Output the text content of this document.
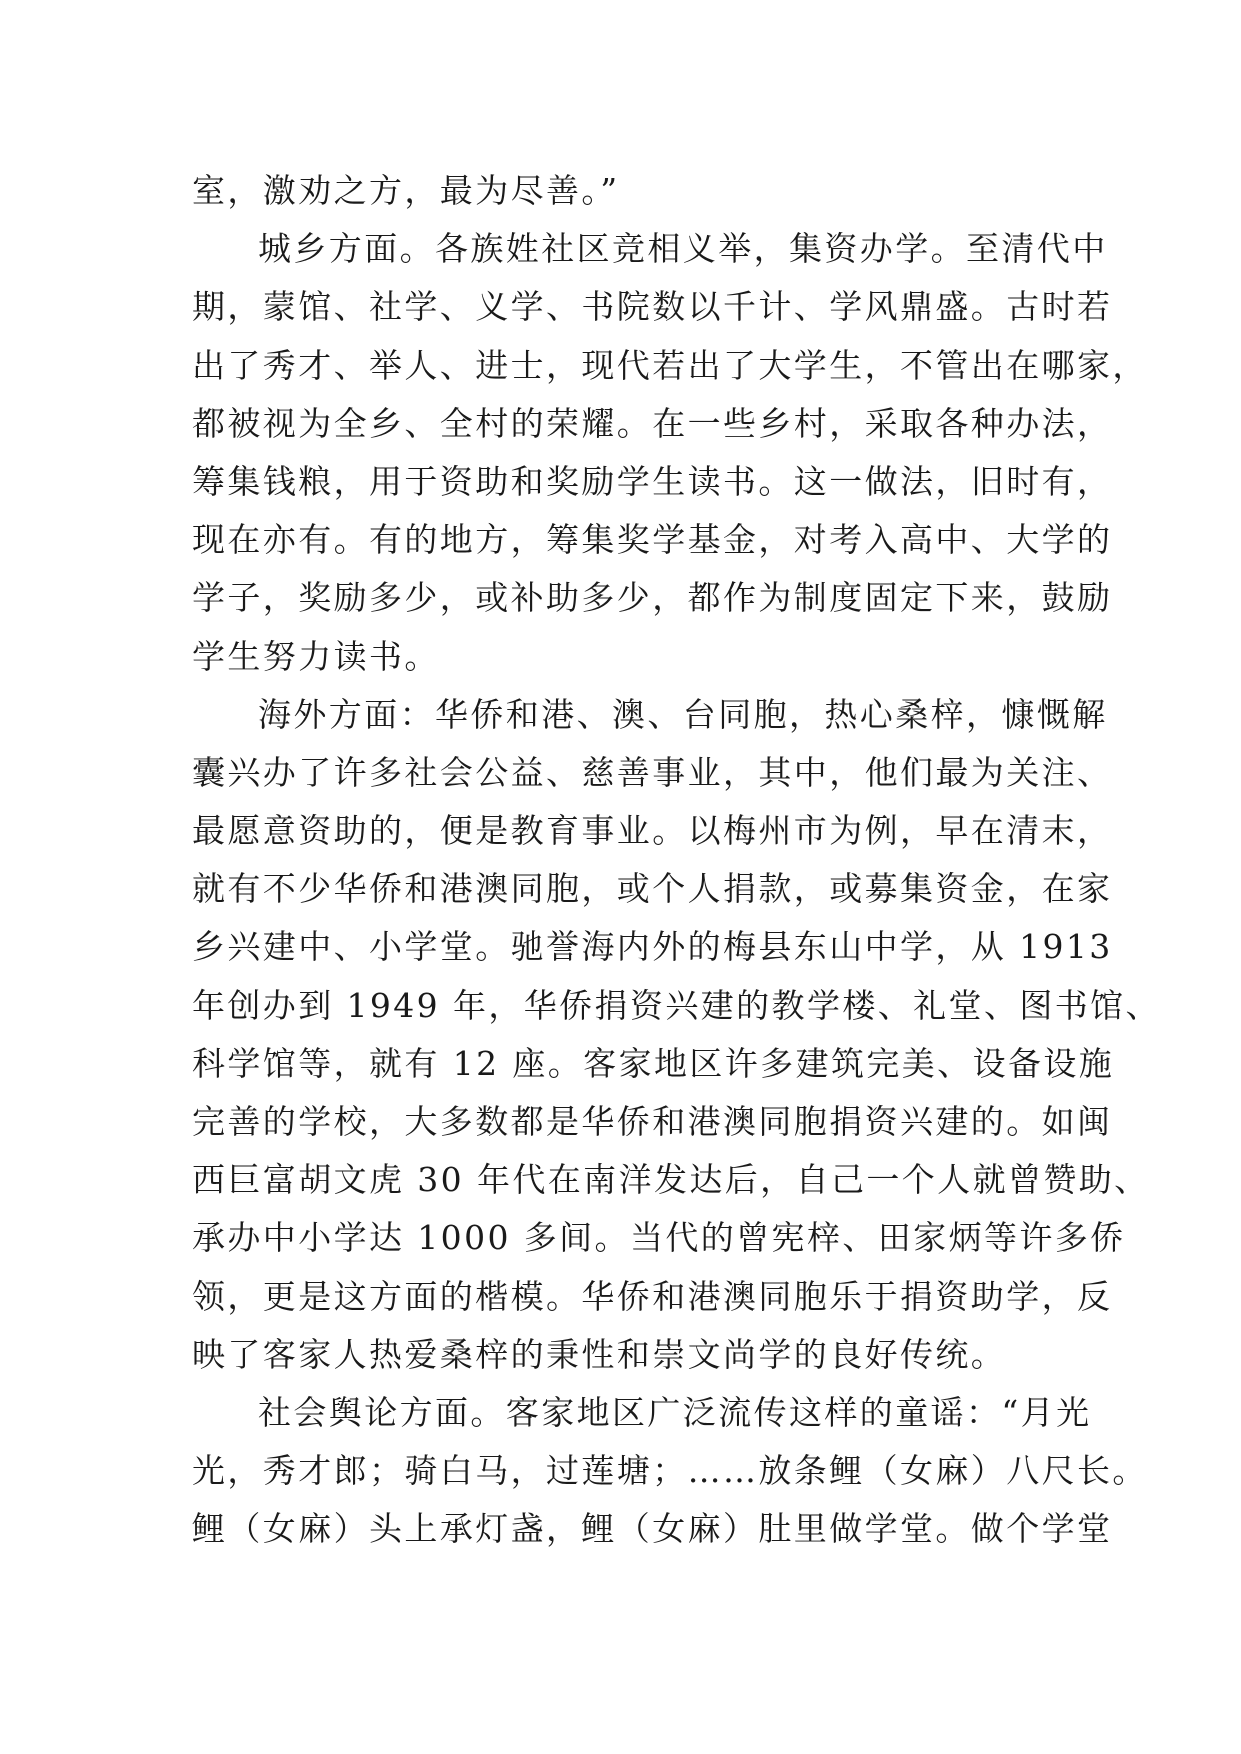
室，激劝之方，最为尽善。”
城乡方面。各族姓社区竞相义举，集资办学。至清代中
期，蒙馆、社学、义学、书院数以千计、学风鼎盛。古时若
出了秀才、举人、进士，现代若出了大学生，不管出在哪家，
都被视为全乡、全村的荣耀。在一些乡村，采取各种办法，
筹集钱粮，用于资助和奖励学生读书。这一做法，旧时有，
现在亦有。有的地方，筹集奖学基金，对考入高中、大学的
学子，奖励多少，或补助多少，都作为制度固定下来，鼓励
学生努力读书。
海外方面：华侨和港、澳、台同胞，热心桑梓，慷慨解
囊兴办了许多社会公益、慈善事业，其中，他们最为关注、
最愿意资助的，便是教育事业。以梅州市为例，早在清末，
就有不少华侨和港澳同胞，或个人捐款，或募集资金，在家
乡兴建中、小学堂。驰誉海内外的梅县东山中学，从 1913
年创办到 1949 年，华侨捐资兴建的教学楼、礼堂、图书馆、
科学馆等，就有 12 座。客家地区许多建筑完美、设备设施
完善的学校，大多数都是华侨和港澳同胞捐资兴建的。如闽
西巨富胡文虎 30 年代在南洋发达后，自己一个人就曾赞助、
承办中小学达 1000 多间。当代的曾宪梓、田家炳等许多侨
领，更是这方面的楷模。华侨和港澳同胞乐于捐资助学，反
映了客家人热爱桑梓的秉性和崇文尚学的良好传统。
社会舆论方面。客家地区广泛流传这样的童谣：“月光
光，秀才郎；骑白马，过莲塘；……放条鲤（女麻）八尺长。
鲤（女麻）头上承灯盏，鲤（女麻）肚里做学堂。做个学堂
